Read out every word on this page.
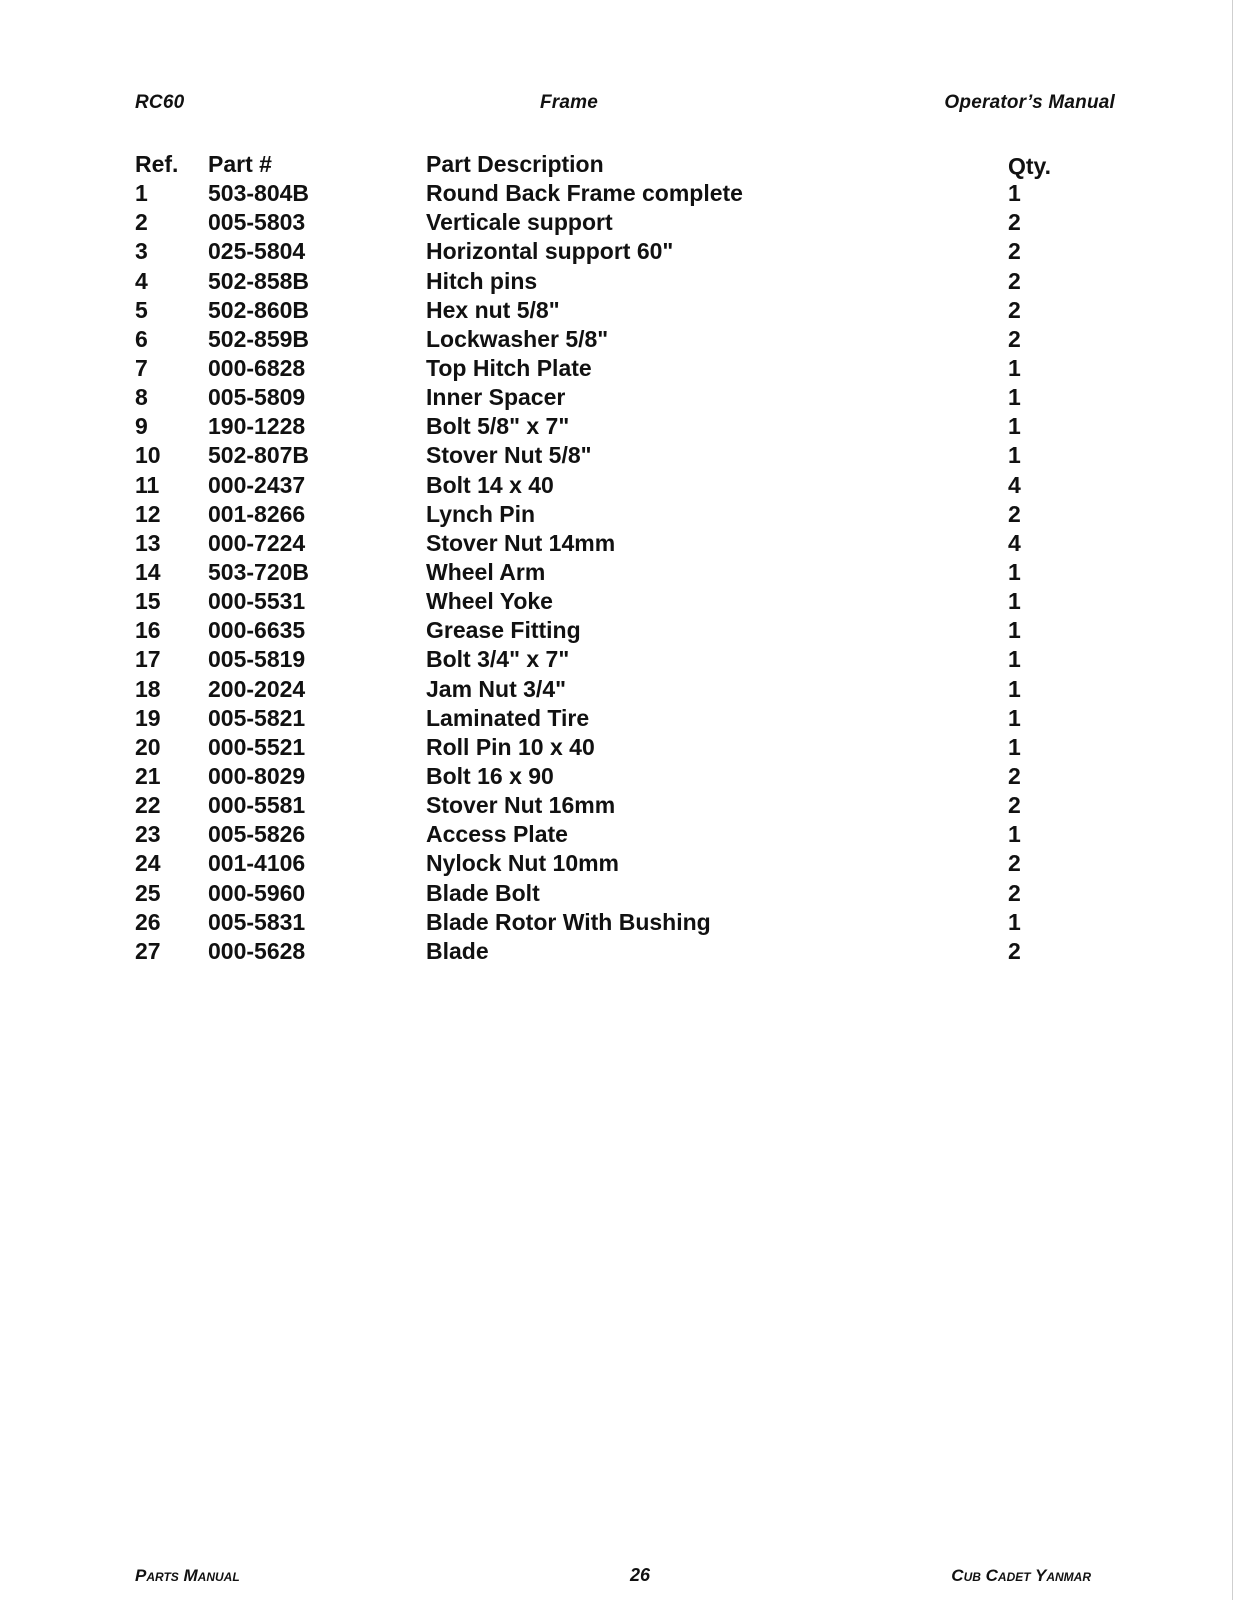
RC60	Frame	Operator’s Manual
Ref. Part #	Part Description	Qty.
1	503-804B	Round Back Frame complete	1
2	005-5803	Verticale support	2
3	025-5804	Horizontal support 60"	2
4	502-858B	Hitch pins	2
5	502-860B	Hex nut 5/8"	2
6	502-859B	Lockwasher 5/8"	2
7	000-6828	Top Hitch Plate	1
8	005-5809	Inner Spacer	1
9	190-1228	Bolt 5/8" x 7"	1
10 502-807B	Stover Nut 5/8"	1
11 000-2437	Bolt 14 x 40	4
12 001-8266	Lynch Pin	2
13 000-7224	Stover Nut 14mm	4
14 503-720B	Wheel Arm	1
15 000-5531	Wheel Yoke	1
16 000-6635	Grease Fitting	1
17 005-5819	Bolt 3/4" x 7"	1
18 200-2024	Jam Nut 3/4"	1
19 005-5821	Laminated Tire	1
20 000-5521	Roll Pin 10 x 40	1
21 000-8029	Bolt 16 x 90	2
22 000-5581	Stover Nut 16mm	2
23 005-5826	Access Plate	1
24 001-4106	Nylock Nut 10mm	2
25 000-5960	Blade Bolt	2
26 005-5831	Blade Rotor With Bushing	1
27 000-5628	Blade	2
Parts Manual	26	Cub Cadet Yanmar
